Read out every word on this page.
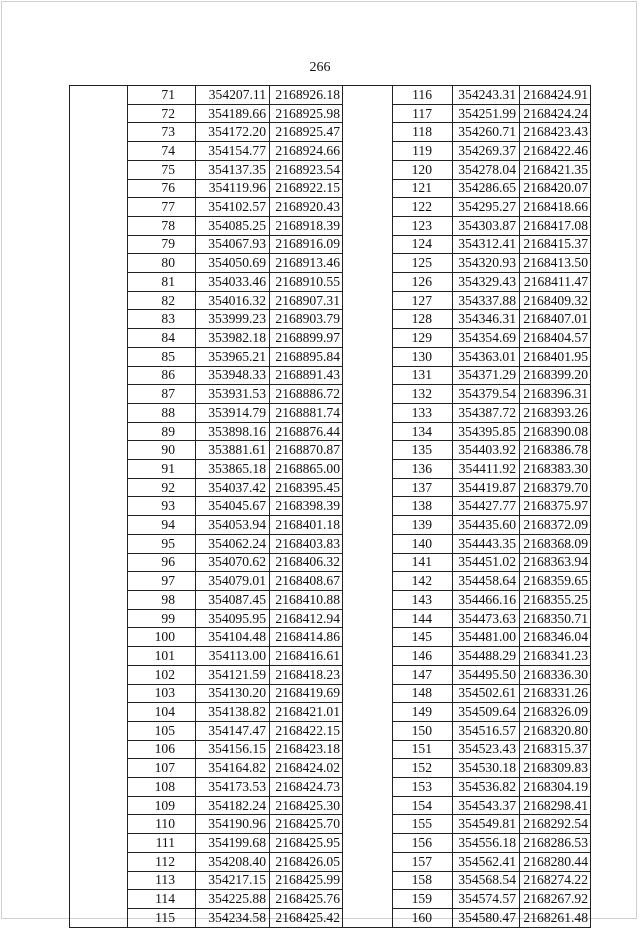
266
	71	354207.11	2168926.18
	72	354189.66	2168925.98
	73	354172.20	2168925.47
	74	354154.77	2168924.66
	75	354137.35	2168923.54
	76	354119.96	2168922.15
	77	354102.57	2168920.43
	78	354085.25	2168918.39
	79	354067.93	2168916.09
	80	354050.69	2168913.46
	81	354033.46	2168910.55
	82	354016.32	2168907.31
	83	353999.23	2168903.79
	84	353982.18	2168899.97
	85	353965.21	2168895.84
	86	353948.33	2168891.43
	87	353931.53	2168886.72
	88	353914.79	2168881.74
	89	353898.16	2168876.44
	90	353881.61	2168870.87
	91	353865.18	2168865.00
	92	354037.42	2168395.45
	93	354045.67	2168398.39
	94	354053.94	2168401.18
	95	354062.24	2168403.83
	96	354070.62	2168406.32
	97	354079.01	2168408.67
	98	354087.45	2168410.88
	99	354095.95	2168412.94
	100	354104.48	2168414.86
	101	354113.00	2168416.61
	102	354121.59	2168418.23
	103	354130.20	2168419.69
	104	354138.82	2168421.01
	105	354147.47	2168422.15
	106	354156.15	2168423.18
	107	354164.82	2168424.02
	108	354173.53	2168424.73
	109	354182.24	2168425.30
	110	354190.96	2168425.70
	111	354199.68	2168425.95
	112	354208.40	2168426.05
	113	354217.15	2168425.99
	114	354225.88	2168425.76
	115	354234.58	2168425.42
	116	354243.31	2168424.91
	117	354251.99	2168424.24
	118	354260.71	2168423.43
	119	354269.37	2168422.46
	120	354278.04	2168421.35
	121	354286.65	2168420.07
	122	354295.27	2168418.66
	123	354303.87	2168417.08
	124	354312.41	2168415.37
	125	354320.93	2168413.50
	126	354329.43	2168411.47
	127	354337.88	2168409.32
	128	354346.31	2168407.01
	129	354354.69	2168404.57
	130	354363.01	2168401.95
	131	354371.29	2168399.20
	132	354379.54	2168396.31
	133	354387.72	2168393.26
	134	354395.85	2168390.08
	135	354403.92	2168386.78
	136	354411.92	2168383.30
	137	354419.87	2168379.70
	138	354427.77	2168375.97
	139	354435.60	2168372.09
	140	354443.35	2168368.09
	141	354451.02	2168363.94
	142	354458.64	2168359.65
	143	354466.16	2168355.25
	144	354473.63	2168350.71
	145	354481.00	2168346.04
	146	354488.29	2168341.23
	147	354495.50	2168336.30
	148	354502.61	2168331.26
	149	354509.64	2168326.09
	150	354516.57	2168320.80
	151	354523.43	2168315.37
	152	354530.18	2168309.83
	153	354536.82	2168304.19
	154	354543.37	2168298.41
	155	354549.81	2168292.54
	156	354556.18	2168286.53
	157	354562.41	2168280.44
	158	354568.54	2168274.22
	159	354574.57	2168267.92
	160	354580.47	2168261.48
